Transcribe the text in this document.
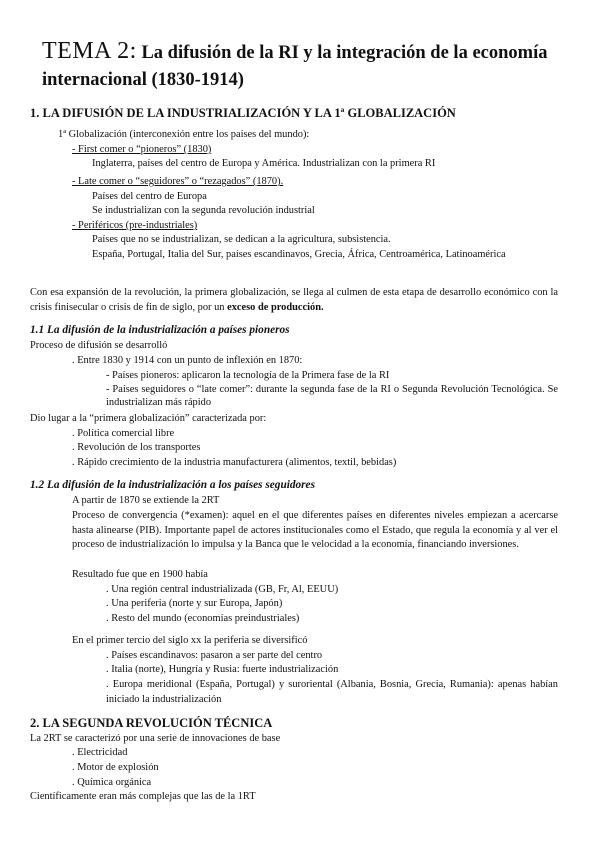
TEMA 2: La difusión de la RI y la integración de la economía internacional (1830-1914)
1. LA DIFUSIÓN DE LA INDUSTRIALIZACIÓN Y LA 1ª GLOBALIZACIÓN
1ª Globalización (interconexión entre los países del mundo):
- First comer o “pioneros” (1830)
Inglaterra, países del centro de Europa y América. Industrializan con la primera RI
- Late comer o “seguidores” o “rezagados” (1870).
Países del centro de Europa
Se industrializan con la segunda revolución industrial
- Periféricos (pre-industriales)
Países que no se industrializan, se dedican a la agricultura, subsistencia.
España, Portugal, Italia del Sur, países escandinavos, Grecia, África, Centroamérica, Latinoamérica
Con esa expansión de la revolución, la primera globalización, se llega al culmen de esta etapa de desarrollo económico con la crisis finisecular o crisis de fin de siglo, por un exceso de producción.
1.1 La difusión de la industrialización a países pioneros
Proceso de difusión se desarrolló
. Entre 1830 y 1914 con un punto de inflexión en 1870:
- Países pioneros: aplicaron la tecnología de la Primera fase de la RI
- Países seguidores o “late comer”: durante la segunda fase de la RI o Segunda Revolución Tecnológica. Se industrializan más rápido
Dio lugar a la “primera globalización” caracterizada por:
. Política comercial libre
. Revolución de los transportes
. Rápido crecimiento de la industria manufacturera (alimentos, textil, bebidas)
1.2 La difusión de la industrialización a los países seguidores
A partir de 1870 se extiende la 2RT
Proceso de convergencia (*examen): aquel en el que diferentes países en diferentes niveles empiezan a acercarse hasta alinearse (PIB). Importante papel de actores institucionales como el Estado, que regula la economía y al ver el proceso de industrialización lo impulsa y la Banca que le velocidad a la economía, financiando inversiones.
Resultado fue que en 1900 había
. Una región central industrializada (GB, Fr, Al, EEUU)
. Una periferia (norte y sur Europa, Japón)
. Resto del mundo (economías preindustriales)
En el primer tercio del siglo xx la periferia se diversificó
. Países escandinavos: pasaron a ser parte del centro
. Italia (norte), Hungría y Rusia: fuerte industrialización
. Europa meridional (España, Portugal) y suroriental (Albania, Bosnia, Grecia, Rumania): apenas habían iniciado la industrialización
2. LA SEGUNDA REVOLUCIÓN TÉCNICA
La 2RT se caracterizó por una serie de innovaciones de base
. Electricidad
. Motor de explosión
. Química orgánica
Científicamente eran más complejas que las de la 1RT
